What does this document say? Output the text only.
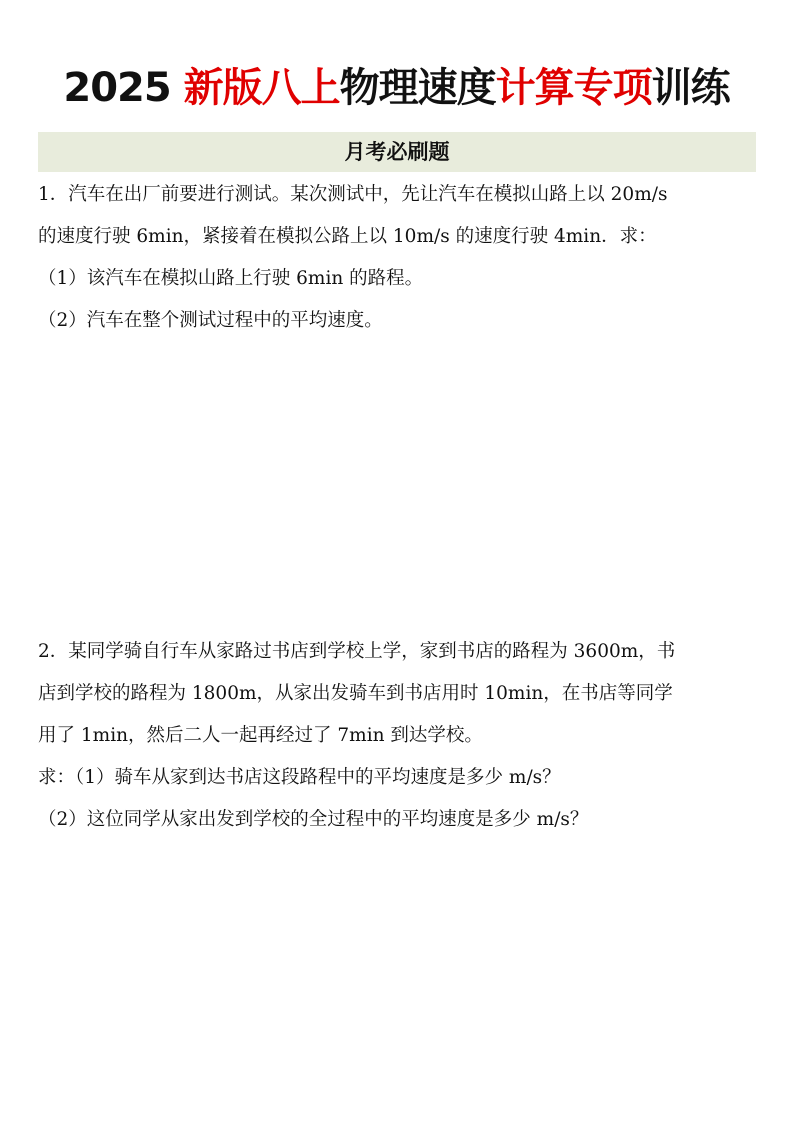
2025 新版八上物理速度计算专项训练
月考必刷题

1．汽车在出厂前要进行测试。某次测试中，先让汽车在模拟山路上以 20m/s

的速度行驶 6min，紧接着在模拟公路上以 10m/s 的速度行驶 4min．求：

（1）该汽车在模拟山路上行驶 6min 的路程。

（2）汽车在整个测试过程中的平均速度。

2．某同学骑自行车从家路过书店到学校上学，家到书店的路程为 3600m，书

店到学校的路程为 1800m，从家出发骑车到书店用时 10min，在书店等同学

用了 1min，然后二人一起再经过了 7min 到达学校。

求：（1）骑车从家到达书店这段路程中的平均速度是多少 m/s？

（2）这位同学从家出发到学校的全过程中的平均速度是多少 m/s？
